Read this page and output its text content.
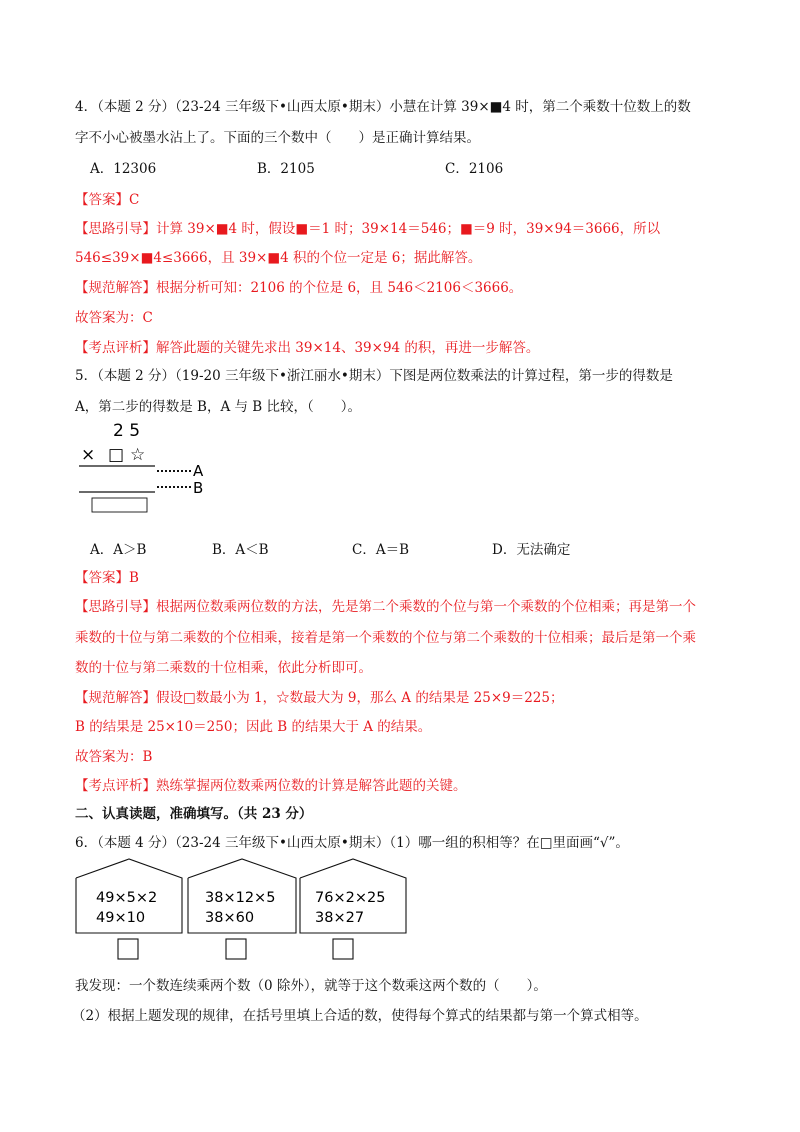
4．（本题 2 分）（23-24 三年级下•山西太原•期末）小慧在计算 39×■4 时，第二个乘数十位数上的数
字不小心被墨水沾上了。下面的三个数中（　　）是正确计算结果。
A．12306	B．2105	C．2106
【答案】C
【思路引导】计算 39×■4 时，假设■＝1 时；39×14＝546；■＝9 时，39×94＝3666，所以
546≤39×■4≤3666，且 39×■4 积的个位一定是 6；据此解答。
【规范解答】根据分析可知：2106 的个位是 6，且 546＜2106＜3666。
故答案为：C
【考点评析】解答此题的关键先求出 39×14、39×94 的积，再进一步解答。
5．（本题 2 分）（19-20 三年级下•浙江丽水•期末）下图是两位数乘法的计算过程，第一步的得数是
A，第二步的得数是 B，A 与 B 比较，（　　）。
2 5
× □ ☆
A
B
A．A＞B	B．A＜B	C．A＝B	D．无法确定
【答案】B
【思路引导】根据两位数乘两位数的方法，先是第二个乘数的个位与第一个乘数的个位相乘；再是第一个
乘数的十位与第二乘数的个位相乘，接着是第一个乘数的个位与第二个乘数的十位相乘；最后是第一个乘
数的十位与第二乘数的十位相乘，依此分析即可。
【规范解答】假设□数最小为 1，☆数最大为 9，那么 A 的结果是 25×9＝225；
B 的结果是 25×10＝250；因此 B 的结果大于 A 的结果。
故答案为：B
【考点评析】熟练掌握两位数乘两位数的计算是解答此题的关键。
二、认真读题，准确填写。（共 23 分）
6．（本题 4 分）（23-24 三年级下•山西太原•期末）（1）哪一组的积相等？在□里面画“√”。
49×5×2
49×10
38×12×5
38×60
76×2×25
38×27
我发现：一个数连续乘两个数（0 除外），就等于这个数乘这两个数的（　　）。
（2）根据上题发现的规律，在括号里填上合适的数，使得每个算式的结果都与第一个算式相等。
